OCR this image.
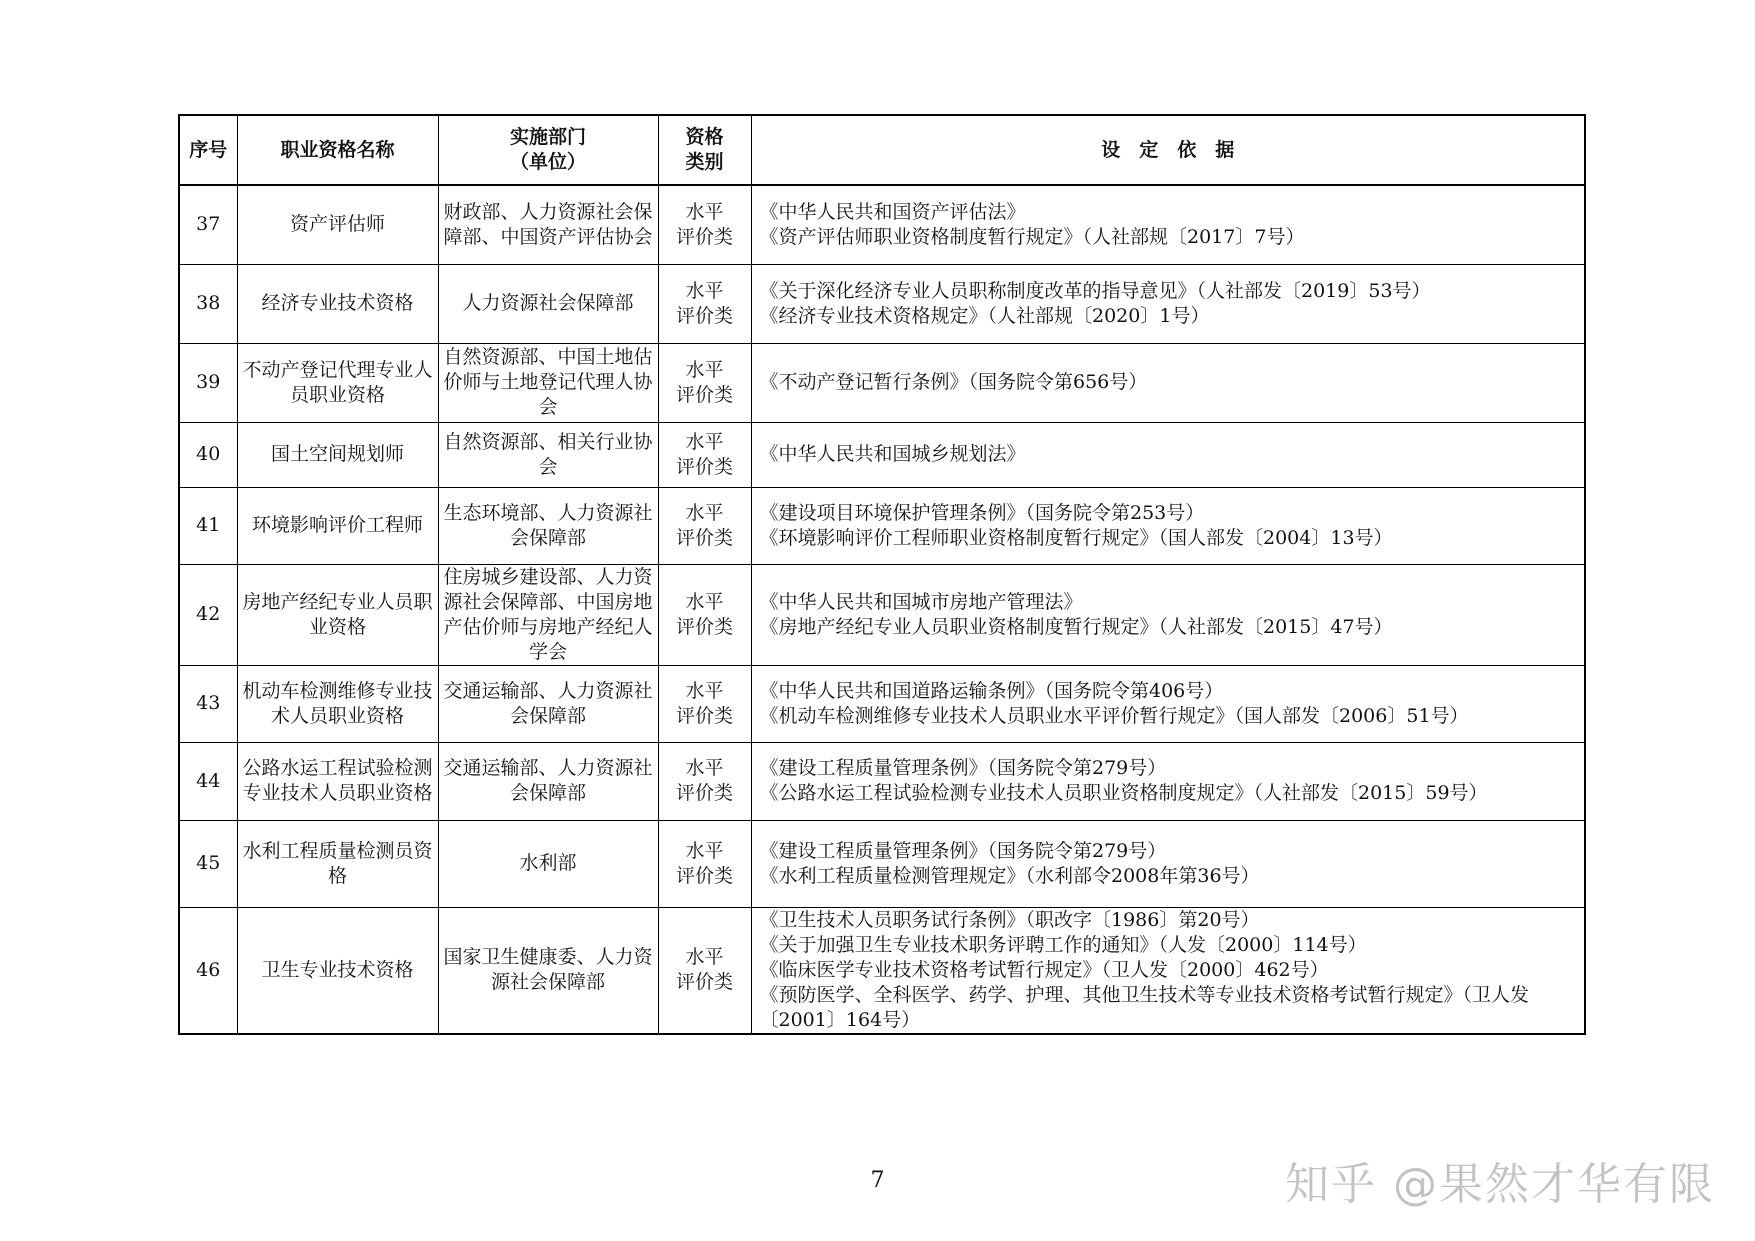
序号	职业资格名称	实施部门
（单位）	资格
类别	设　定　依　据
37	资产评估师	财政部、人力资源社会保障部、中国资产评估协会	水平
评价类	《中华人民共和国资产评估法》
《资产评估师职业资格制度暂行规定》（人社部规〔2017〕7号）

38	经济专业技术资格	人力资源社会保障部	水平
评价类	《关于深化经济专业人员职称制度改革的指导意见》（人社部发〔2019〕53号）
《经济专业技术资格规定》（人社部规〔2020〕1号）

39	不动产登记代理专业人员职业资格	自然资源部、中国土地估价师与土地登记代理人协会	水平
评价类	《不动产登记暂行条例》（国务院令第656号）

40	国土空间规划师	自然资源部、相关行业协会	水平
评价类	《中华人民共和国城乡规划法》

41	环境影响评价工程师	生态环境部、人力资源社会保障部	水平
评价类	《建设项目环境保护管理条例》（国务院令第253号）
《环境影响评价工程师职业资格制度暂行规定》（国人部发〔2004〕13号）

42	房地产经纪专业人员职业资格	住房城乡建设部、人力资源社会保障部、中国房地产估价师与房地产经纪人学会	水平
评价类	《中华人民共和国城市房地产管理法》
《房地产经纪专业人员职业资格制度暂行规定》（人社部发〔2015〕47号）

43	机动车检测维修专业技术人员职业资格	交通运输部、人力资源社会保障部	水平
评价类	《中华人民共和国道路运输条例》（国务院令第406号）
《机动车检测维修专业技术人员职业水平评价暂行规定》（国人部发〔2006〕51号）

44	公路水运工程试验检测专业技术人员职业资格	交通运输部、人力资源社会保障部	水平
评价类	《建设工程质量管理条例》（国务院令第279号）
《公路水运工程试验检测专业技术人员职业资格制度规定》（人社部发〔2015〕59号）

45	水利工程质量检测员资格	水利部	水平
评价类	《建设工程质量管理条例》（国务院令第279号）
《水利工程质量检测管理规定》（水利部令2008年第36号）

46	卫生专业技术资格	国家卫生健康委、人力资源社会保障部	水平
评价类	《卫生技术人员职务试行条例》（职改字〔1986〕第20号）
《关于加强卫生专业技术职务评聘工作的通知》（人发〔2000〕114号）
《临床医学专业技术资格考试暂行规定》（卫人发〔2000〕462号）
《预防医学、全科医学、药学、护理、其他卫生技术等专业技术资格考试暂行规定》（卫人发〔2001〕164号）
7	知乎 @果然才华有限
